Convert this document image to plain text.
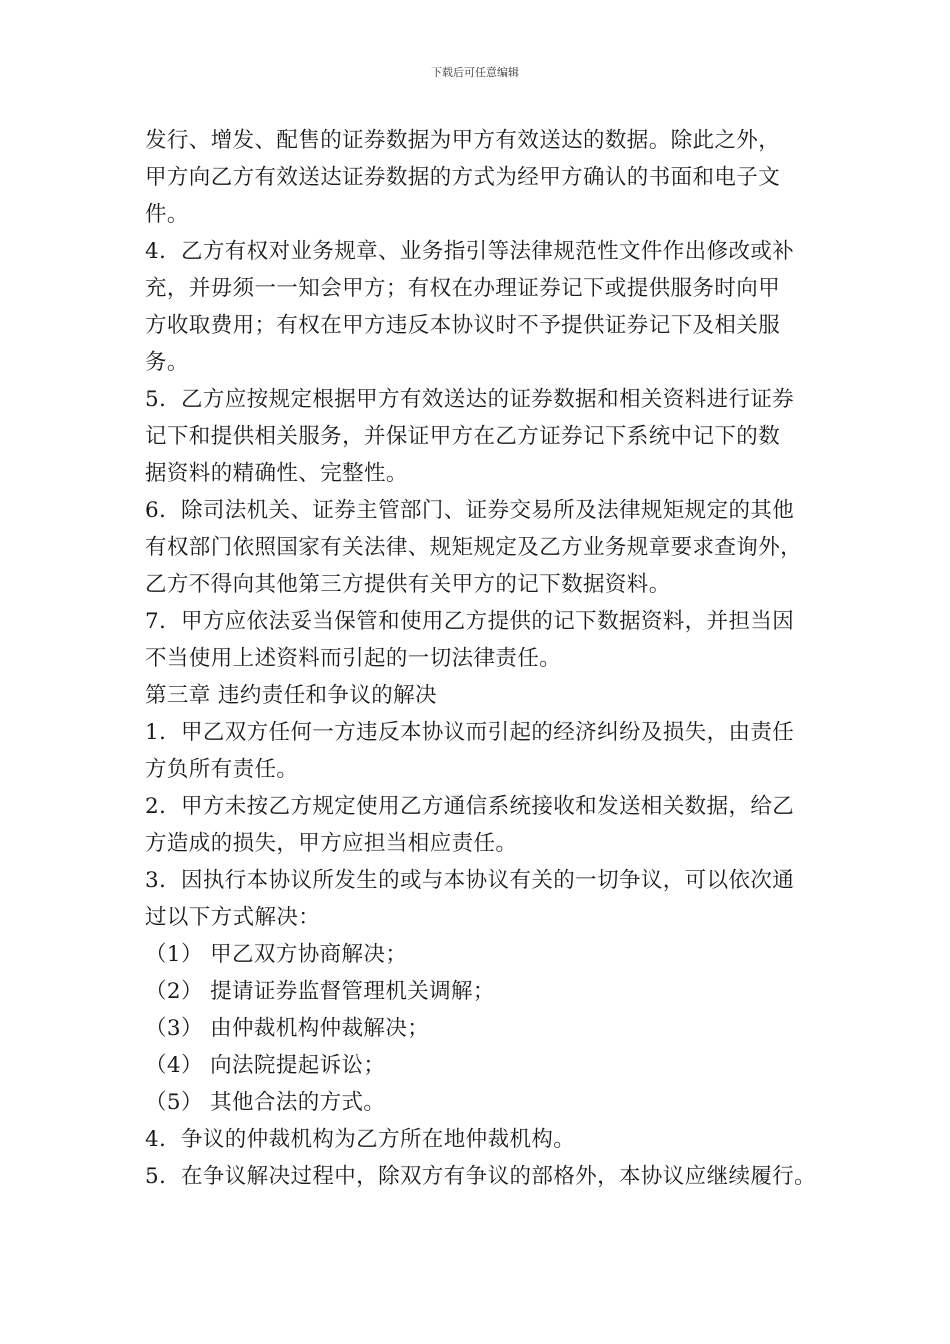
下载后可任意编辑
发行、增发、配售的证券数据为甲方有效送达的数据。除此之外，
甲方向乙方有效送达证券数据的方式为经甲方确认的书面和电子文
件。
4．乙方有权对业务规章、业务指引等法律规范性文件作出修改或补
充，并毋须一一知会甲方；有权在办理证券记下或提供服务时向甲
方收取费用；有权在甲方违反本协议时不予提供证券记下及相关服
务。
5．乙方应按规定根据甲方有效送达的证券数据和相关资料进行证券
记下和提供相关服务，并保证甲方在乙方证券记下系统中记下的数
据资料的精确性、完整性。
6．除司法机关、证券主管部门、证券交易所及法律规矩规定的其他
有权部门依照国家有关法律、规矩规定及乙方业务规章要求查询外，
乙方不得向其他第三方提供有关甲方的记下数据资料。
7．甲方应依法妥当保管和使用乙方提供的记下数据资料，并担当因
不当使用上述资料而引起的一切法律责任。
第三章 违约责任和争议的解决
1．甲乙双方任何一方违反本协议而引起的经济纠纷及损失，由责任
方负所有责任。
2．甲方未按乙方规定使用乙方通信系统接收和发送相关数据，给乙
方造成的损失，甲方应担当相应责任。
3．因执行本协议所发生的或与本协议有关的一切争议，可以依次通
过以下方式解决：
（1） 甲乙双方协商解决；
（2） 提请证券监督管理机关调解；
（3） 由仲裁机构仲裁解决；
（4） 向法院提起诉讼；
（5） 其他合法的方式。
4．争议的仲裁机构为乙方所在地仲裁机构。
5．在争议解决过程中，除双方有争议的部格外，本协议应继续履行。
